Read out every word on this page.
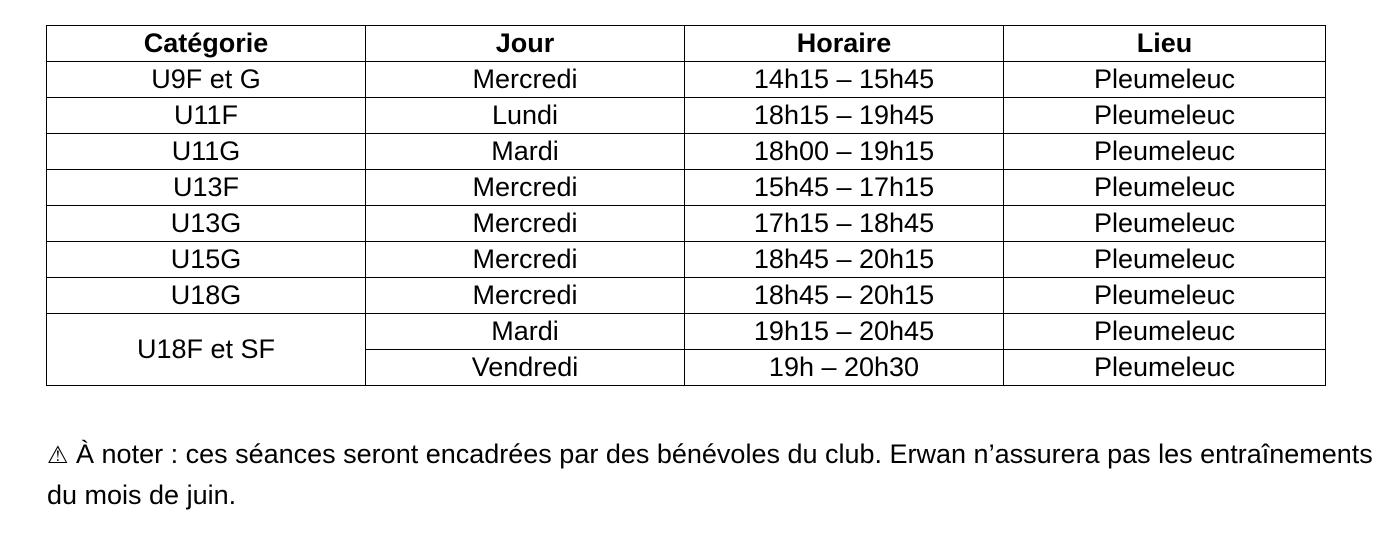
Catégorie	Jour	Horaire	Lieu
U9F et G	Mercredi	14h15 – 15h45	Pleumeleuc
U11F	Lundi	18h15 – 19h45	Pleumeleuc
U11G	Mardi	18h00 – 19h15	Pleumeleuc
U13F	Mercredi	15h45 – 17h15	Pleumeleuc
U13G	Mercredi	17h15 – 18h45	Pleumeleuc
U15G	Mercredi	18h45 – 20h15	Pleumeleuc
U18G	Mercredi	18h45 – 20h15	Pleumeleuc
U18F et SF	Mardi	19h15 – 20h45	Pleumeleuc
	Vendredi	19h – 20h30	Pleumeleuc

⚠ À noter : ces séances seront encadrées par des bénévoles du club. Erwan n’assurera pas les entraînements du mois de juin.
